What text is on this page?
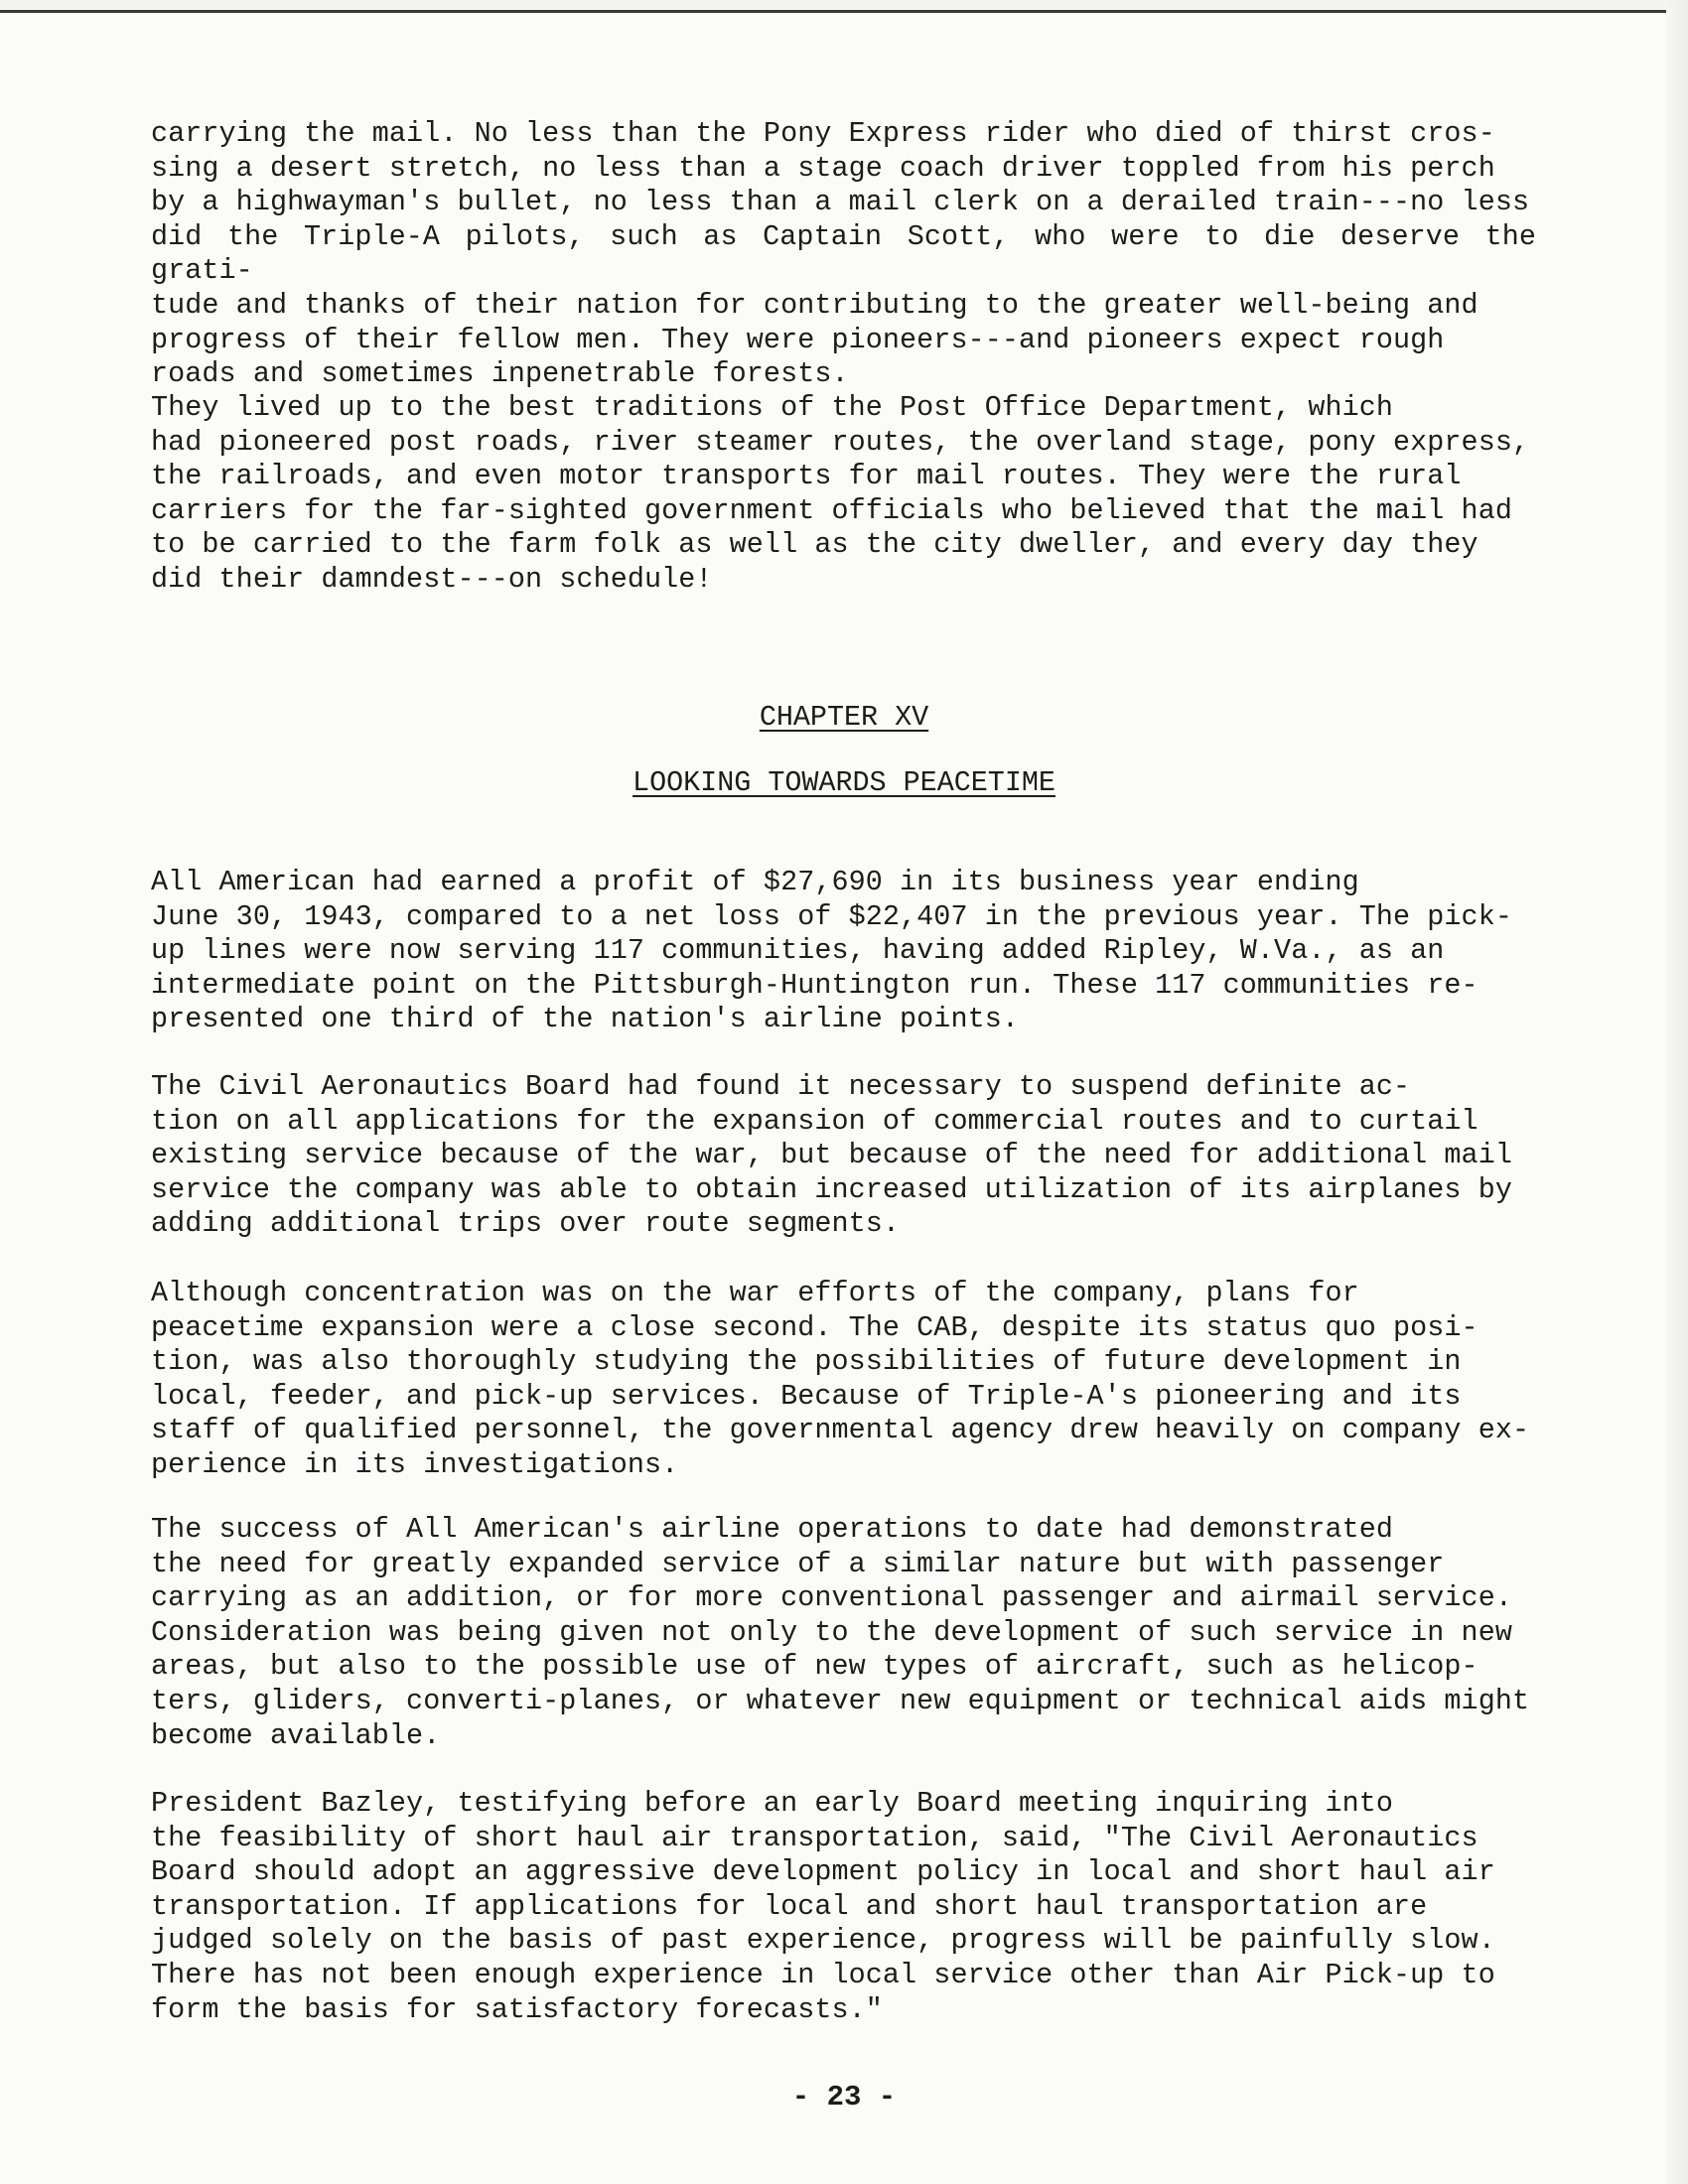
carrying the mail. No less than the Pony Express rider who died of thirst cros-
sing a desert stretch, no less than a stage coach driver toppled from his perch
by a highwayman's bullet, no less than a mail clerk on a derailed train---no less
did the Triple-A pilots, such as Captain Scott, who were to die deserve the grati-
tude and thanks of their nation for contributing to the greater well-being and
progress of their fellow men. They were pioneers---and pioneers expect rough
roads and sometimes inpenetrable forests.
They lived up to the best traditions of the Post Office Department, which
had pioneered post roads, river steamer routes, the overland stage, pony express,
the railroads, and even motor transports for mail routes. They were the rural
carriers for the far-sighted government officials who believed that the mail had
to be carried to the farm folk as well as the city dweller, and every day they
did their damndest---on schedule!
CHAPTER XV
LOOKING TOWARDS PEACETIME
All American had earned a profit of $27,690 in its business year ending
June 30, 1943, compared to a net loss of $22,407 in the previous year. The pick-
up lines were now serving 117 communities, having added Ripley, W.Va., as an
intermediate point on the Pittsburgh-Huntington run. These 117 communities re-
presented one third of the nation's airline points.
The Civil Aeronautics Board had found it necessary to suspend definite ac-
tion on all applications for the expansion of commercial routes and to curtail
existing service because of the war, but because of the need for additional mail
service the company was able to obtain increased utilization of its airplanes by
adding additional trips over route segments.
Although concentration was on the war efforts of the company, plans for
peacetime expansion were a close second. The CAB, despite its status quo posi-
tion, was also thoroughly studying the possibilities of future development in
local, feeder, and pick-up services. Because of Triple-A's pioneering and its
staff of qualified personnel, the governmental agency drew heavily on company ex-
perience in its investigations.
The success of All American's airline operations to date had demonstrated
the need for greatly expanded service of a similar nature but with passenger
carrying as an addition, or for more conventional passenger and airmail service.
Consideration was being given not only to the development of such service in new
areas, but also to the possible use of new types of aircraft, such as helicop-
ters, gliders, converti-planes, or whatever new equipment or technical aids might
become available.
President Bazley, testifying before an early Board meeting inquiring into
the feasibility of short haul air transportation, said, "The Civil Aeronautics
Board should adopt an aggressive development policy in local and short haul air
transportation. If applications for local and short haul transportation are
judged solely on the basis of past experience, progress will be painfully slow.
There has not been enough experience in local service other than Air Pick-up to
form the basis for satisfactory forecasts."
- 23 -
